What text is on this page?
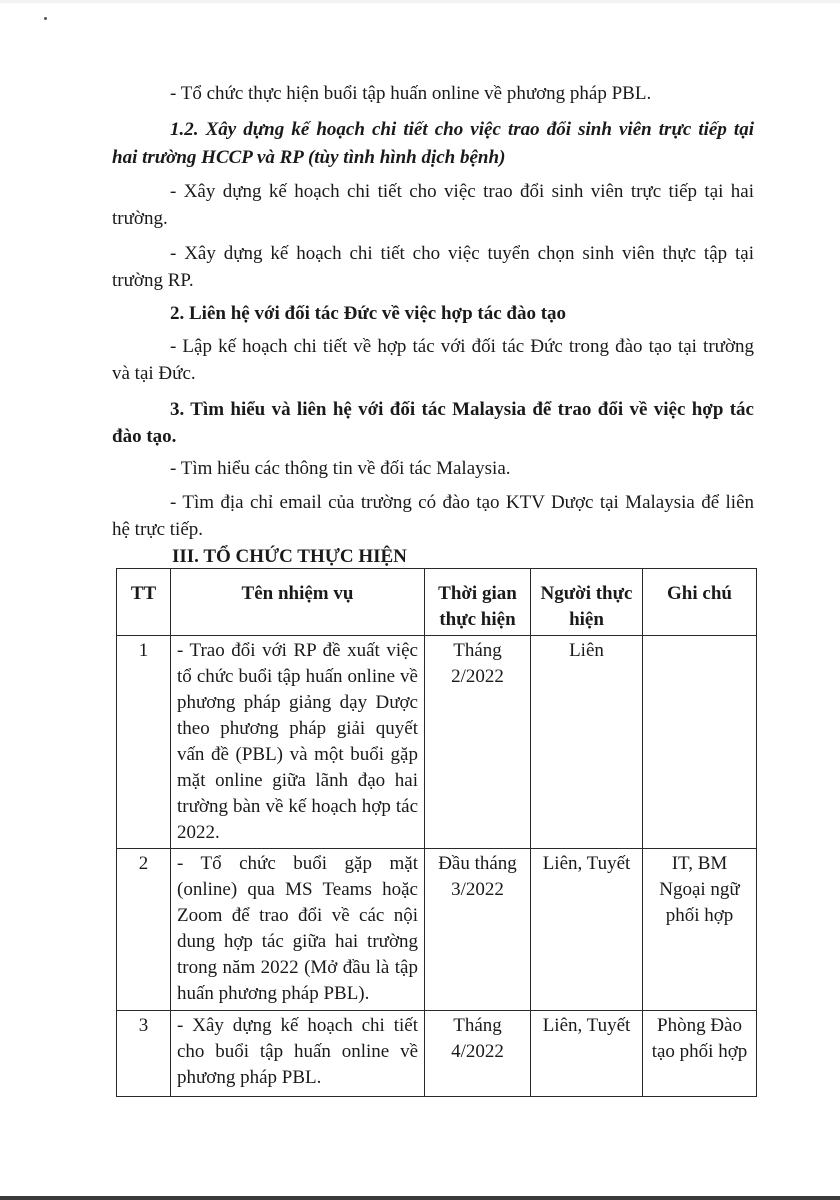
- Tổ chức thực hiện buổi tập huấn online về phương pháp PBL.
1.2. Xây dựng kế hoạch chi tiết cho việc trao đổi sinh viên trực tiếp tại
hai trường HCCP và RP (tùy tình hình dịch bệnh)
- Xây dựng kế hoạch chi tiết cho việc trao đổi sinh viên trực tiếp tại hai
trường.
- Xây dựng kế hoạch chi tiết cho việc tuyển chọn sinh viên thực tập tại
trường RP.
2. Liên hệ với đối tác Đức về việc hợp tác đào tạo
- Lập kế hoạch chi tiết về hợp tác với đối tác Đức trong đào tạo tại trường
và tại Đức.
3. Tìm hiểu và liên hệ với đối tác Malaysia để trao đổi về việc hợp tác
đào tạo.
- Tìm hiểu các thông tin về đối tác Malaysia.
- Tìm địa chỉ email của trường có đào tạo KTV Dược tại Malaysia để liên
hệ trực tiếp.
III. TỔ CHỨC THỰC HIỆN
TT	Tên nhiệm vụ	Thời gian thực hiện	Người thực hiện	Ghi chú
1	- Trao đổi với RP đề xuất việc tổ chức buổi tập huấn online về phương pháp giảng dạy Dược theo phương pháp giải quyết vấn đề (PBL) và một buổi gặp mặt online giữa lãnh đạo hai trường bàn về kế hoạch hợp tác 2022.	Tháng 2/2022	Liên	
2	- Tổ chức buổi gặp mặt (online) qua MS Teams hoặc Zoom để trao đổi về các nội dung hợp tác giữa hai trường trong năm 2022 (Mở đầu là tập huấn phương pháp PBL).	Đầu tháng 3/2022	Liên, Tuyết	IT, BM Ngoại ngữ phối hợp
3	- Xây dựng kế hoạch chi tiết cho buổi tập huấn online về phương pháp PBL.	Tháng 4/2022	Liên, Tuyết	Phòng Đào tạo phối hợp
